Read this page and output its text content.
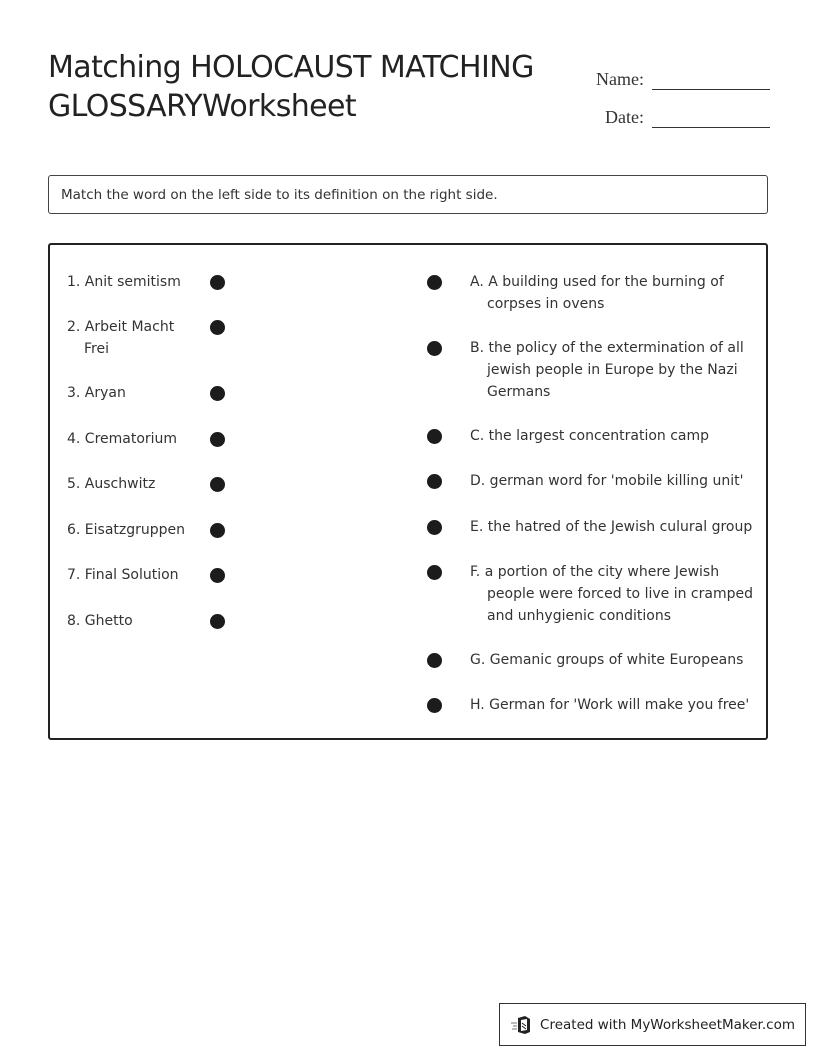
Matching HOLOCAUST MATCHING GLOSSARYWorksheet
Name:
Date:
Match the word on the left side to its definition on the right side.
1. Anit semitism
2. Arbeit Macht Frei
3. Aryan
4. Crematorium
5. Auschwitz
6. Eisatzgruppen
7. Final Solution
8. Ghetto
A. A building used for the burning of corpses in ovens
B. the policy of the extermination of all jewish people in Europe by the Nazi Germans
C. the largest concentration camp
D. german word for 'mobile killing unit'
E. the hatred of the Jewish culural group
F. a portion of the city where Jewish people were forced to live in cramped and unhygienic conditions
G. Gemanic groups of white Europeans
H. German for 'Work will make you free'
Created with MyWorksheetMaker.com
